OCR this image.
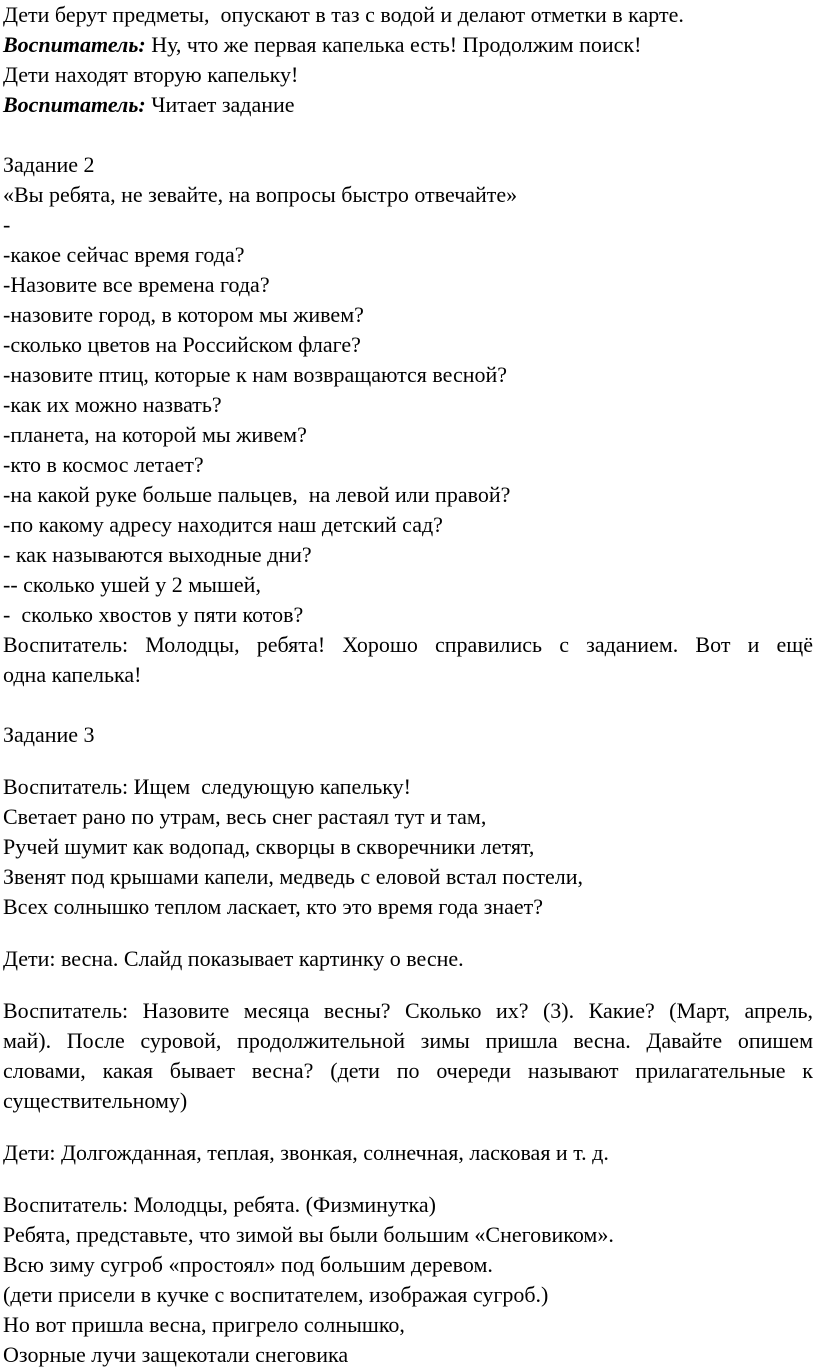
Дети берут предметы,  опускают в таз с водой и делают отметки в карте.
Воспитатель: Ну, что же первая капелька есть! Продолжим поиск!
Дети находят вторую капельку!
Воспитатель: Читает задание
Задание 2
«Вы ребята, не зевайте, на вопросы быстро отвечайте»
-
-какое сейчас время года?
-Назовите все времена года?
-назовите город, в котором мы живем?
-сколько цветов на Российском флаге?
-назовите птиц, которые к нам возвращаются весной?
-как их можно назвать?
-планета, на которой мы живем?
-кто в космос летает?
-на какой руке больше пальцев,  на левой или правой?
-по какому адресу находится наш детский сад?
- как называются выходные дни?
-- сколько ушей у 2 мышей,
-  сколько хвостов у пяти котов?
Воспитатель: Молодцы, ребята! Хорошо справились с заданием. Вот и ещё
одна капелька!
Задание 3
Воспитатель: Ищем  следующую капельку!
Светает рано по утрам, весь снег растаял тут и там,
Ручей шумит как водопад, скворцы в скворечники летят,
Звенят под крышами капели, медведь с еловой встал постели,
Всех солнышко теплом ласкает, кто это время года знает?
Дети: весна. Слайд показывает картинку о весне.
Воспитатель: Назовите месяца весны? Сколько их? (3). Какие? (Март, апрель,
май). После суровой, продолжительной зимы пришла весна. Давайте опишем
словами, какая бывает весна? (дети по очереди называют прилагательные к
существительному)
Дети: Долгожданная, теплая, звонкая, солнечная, ласковая и т. д.
Воспитатель: Молодцы, ребята. (Физминутка)
Ребята, представьте, что зимой вы были большим «Снеговиком».
Всю зиму сугроб «простоял» под большим деревом.
(дети присели в кучке с воспитателем, изображая сугроб.)
Но вот пришла весна, пригрело солнышко,
Озорные лучи защекотали снеговика
